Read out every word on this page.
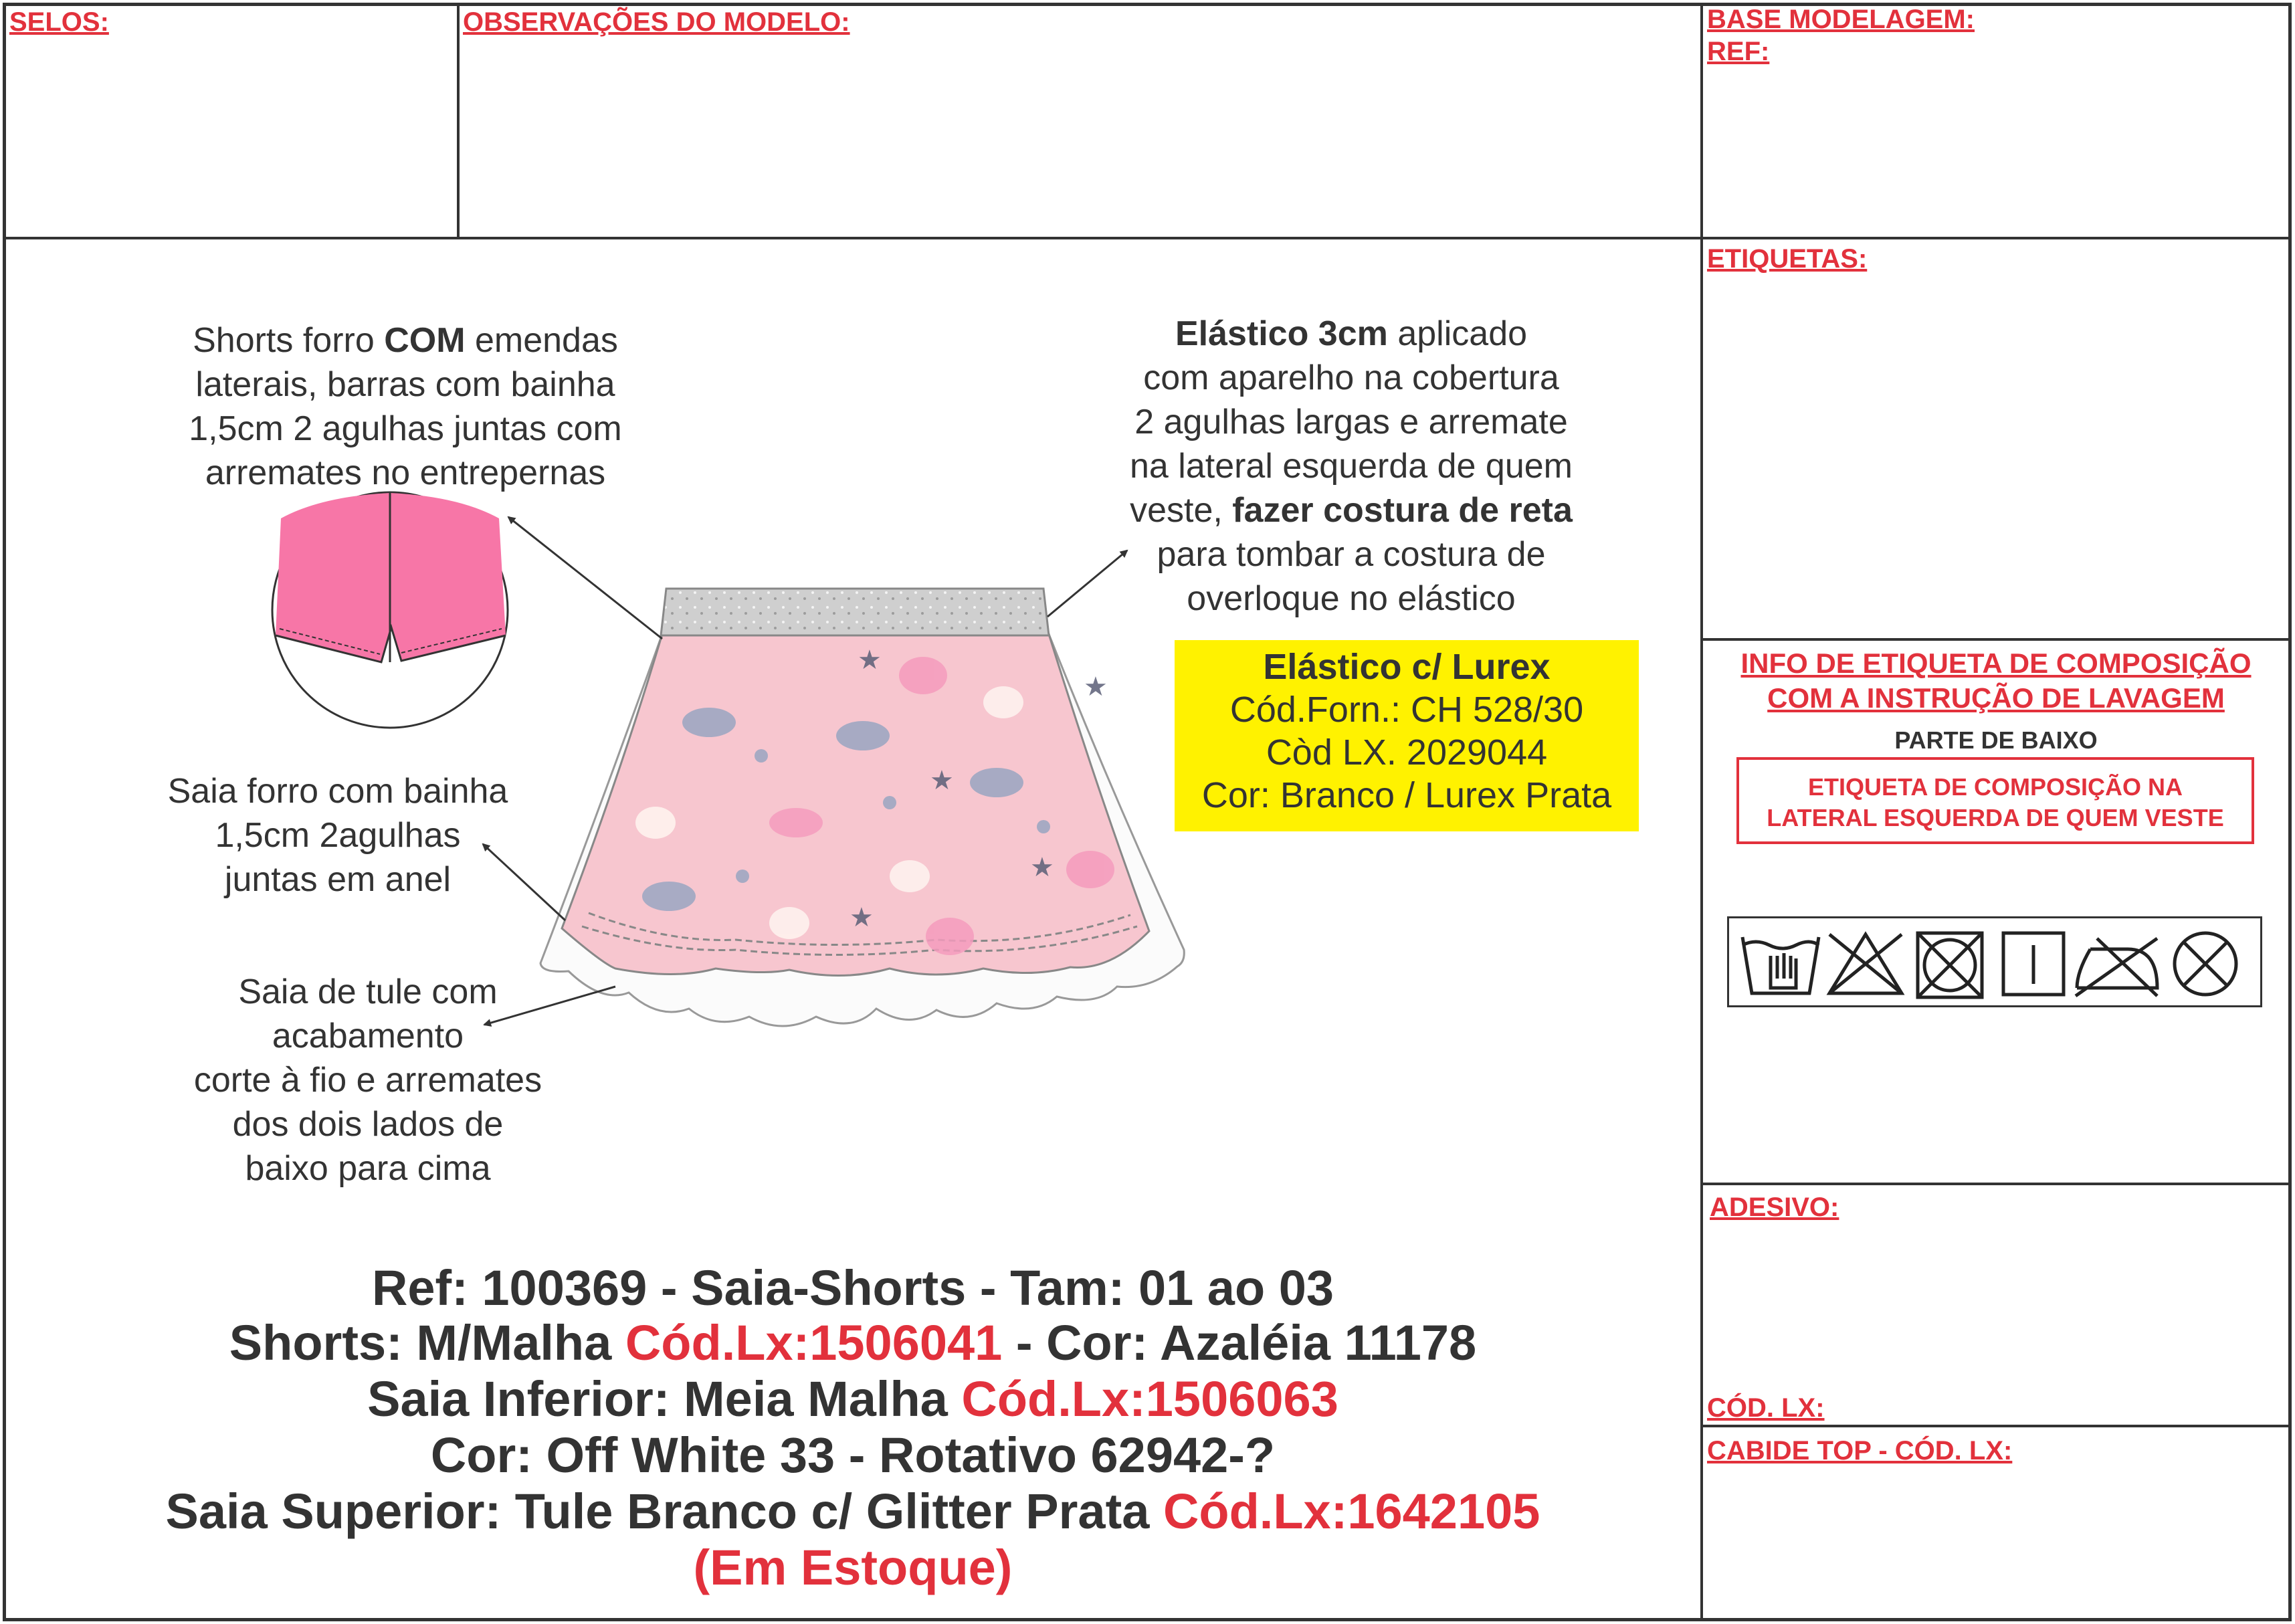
SELOS:	OBSERVAÇÕES DO MODELO:	BASE MODELAGEM:
REF:
ETIQUETAS:
ADESIVO:
CÓD. LX:
CABIDE TOP - CÓD. LX:
★
★
★
★
★
Shorts forro COM emendas
laterais, barras com bainha
1,5cm 2 agulhas juntas com
arremates no entrepernas
Elástico 3cm aplicado
com aparelho na cobertura
2 agulhas largas e arremate
na lateral esquerda de quem
veste, fazer costura de reta
para tombar a costura de
overloque no elástico
Saia forro com bainha
1,5cm 2agulhas
juntas em anel
Saia de tule com
acabamento
corte à fio e arremates
dos dois lados de
baixo para cima
Elástico c/ Lurex
Cód.Forn.: CH 528/30
Còd LX. 2029044
Cor: Branco / Lurex Prata
INFO DE ETIQUETA DE COMPOSIÇÃO
COM A INSTRUÇÃO DE LAVAGEM
PARTE DE BAIXO
ETIQUETA DE COMPOSIÇÃO NA
LATERAL ESQUERDA DE QUEM VESTE
Ref: 100369 - Saia-Shorts - Tam: 01 ao 03
Shorts: M/Malha Cód.Lx:1506041 - Cor: Azaléia 11178
Saia Inferior: Meia Malha Cód.Lx:1506063
Cor: Off White 33 - Rotativo 62942-?
Saia Superior: Tule Branco c/ Glitter Prata Cód.Lx:1642105
(Em Estoque)
